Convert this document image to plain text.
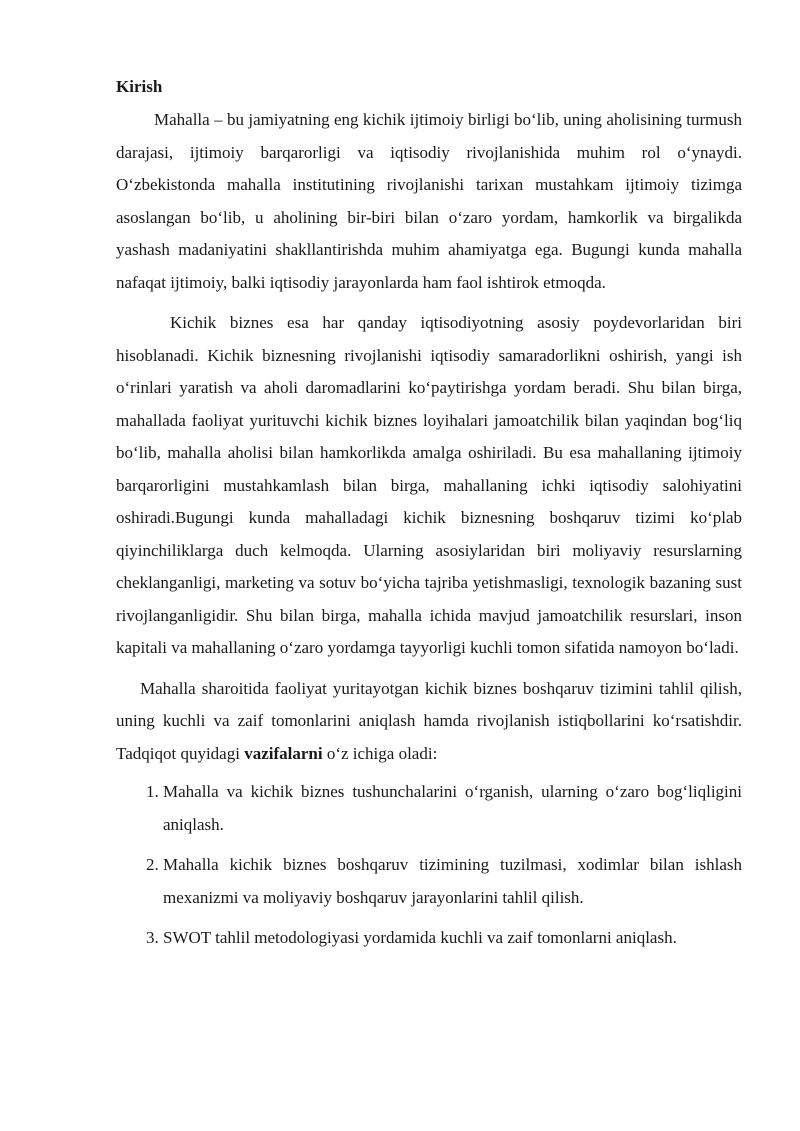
Kirish

Mahalla – bu jamiyatning eng kichik ijtimoiy birligi bo‘lib, uning aholisining turmush darajasi, ijtimoiy barqarorligi va iqtisodiy rivojlanishida muhim rol o‘ynaydi. O‘zbekistonda mahalla institutining rivojlanishi tarixan mustahkam ijtimoiy tizimga asoslangan bo‘lib, u aholining bir-biri bilan o‘zaro yordam, hamkorlik va birgalikda yashash madaniyatini shakllantirishda muhim ahamiyatga ega. Bugungi kunda mahalla nafaqat ijtimoiy, balki iqtisodiy jarayonlarda ham faol ishtirok etmoqda.

Kichik biznes esa har qanday iqtisodiyotning asosiy poydevorlaridan biri hisoblanadi. Kichik biznesning rivojlanishi iqtisodiy samaradorlikni oshirish, yangi ish o‘rinlari yaratish va aholi daromadlarini ko‘paytirishga yordam beradi. Shu bilan birga, mahallada faoliyat yurituvchi kichik biznes loyihalari jamoatchilik bilan yaqindan bog‘liq bo‘lib, mahalla aholisi bilan hamkorlikda amalga oshiriladi. Bu esa mahallaning ijtimoiy barqarorligini mustahkamlash bilan birga, mahallaning ichki iqtisodiy salohiyatini oshiradi.Bugungi kunda mahalladagi kichik biznesning boshqaruv tizimi ko‘plab qiyinchiliklarga duch kelmoqda. Ularning asosiylaridan biri moliyaviy resurslarning cheklanganligi, marketing va sotuv bo‘yicha tajriba yetishmasligi, texnologik bazaning sust rivojlanganligidir. Shu bilan birga, mahalla ichida mavjud jamoatchilik resurslari, inson kapitali va mahallaning o‘zaro yordamga tayyorligi kuchli tomon sifatida namoyon bo‘ladi.

Mahalla sharoitida faoliyat yuritayotgan kichik biznes boshqaruv tizimini tahlil qilish, uning kuchli va zaif tomonlarini aniqlash hamda rivojlanish istiqbollarini ko‘rsatishdir. Tadqiqot quyidagi vazifalarni o‘z ichiga oladi:

1. Mahalla va kichik biznes tushunchalarini o‘rganish, ularning o‘zaro bog‘liqligini aniqlash.
2. Mahalla kichik biznes boshqaruv tizimining tuzilmasi, xodimlar bilan ishlash mexanizmi va moliyaviy boshqaruv jarayonlarini tahlil qilish.
3. SWOT tahlil metodologiyasi yordamida kuchli va zaif tomonlarni aniqlash.
